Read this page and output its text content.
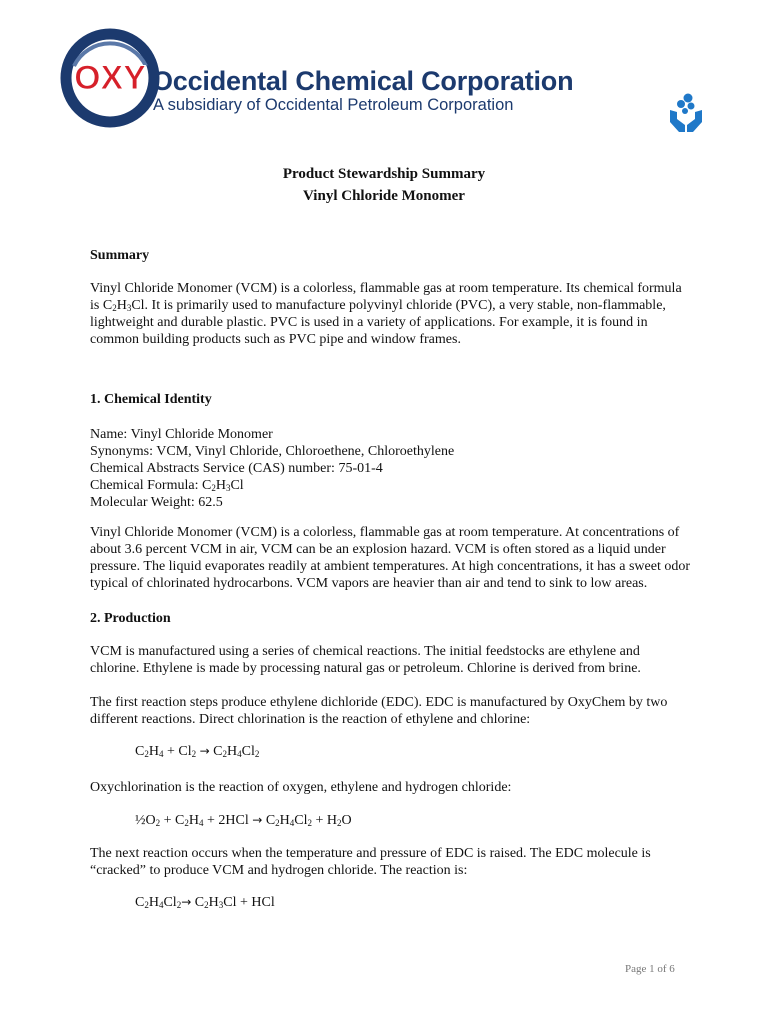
OXY Occidental Chemical Corporation
A subsidiary of Occidental Petroleum Corporation
Product Stewardship Summary
Vinyl Chloride Monomer
Summary
Vinyl Chloride Monomer (VCM) is a colorless, flammable gas at room temperature. Its chemical formula is $C_2H_3Cl$. It is primarily used to manufacture polyvinyl chloride (PVC), a very stable, non-flammable, lightweight and durable plastic. PVC is used in a variety of applications. For example, it is found in common building products such as PVC pipe and window frames.
1. Chemical Identity
Name: Vinyl Chloride Monomer
Synonyms: VCM, Vinyl Chloride, Chloroethene, Chloroethylene
Chemical Abstracts Service (CAS) number: 75-01-4
Chemical Formula: $C_2H_3Cl$
Molecular Weight: 62.5
Vinyl Chloride Monomer (VCM) is a colorless, flammable gas at room temperature. At concentrations of about 3.6 percent VCM in air, VCM can be an explosion hazard. VCM is often stored as a liquid under pressure. The liquid evaporates readily at ambient temperatures. At high concentrations, it has a sweet odor typical of chlorinated hydrocarbons. VCM vapors are heavier than air and tend to sink to low areas.
2. Production
VCM is manufactured using a series of chemical reactions. The initial feedstocks are ethylene and chlorine. Ethylene is made by processing natural gas or petroleum. Chlorine is derived from brine.
The first reaction steps produce ethylene dichloride (EDC). EDC is manufactured by OxyChem by two different reactions. Direct chlorination is the reaction of ethylene and chlorine:
$C_2H_4 + Cl_2 \to C_2H_4Cl_2$
Oxychlorination is the reaction of oxygen, ethylene and hydrogen chloride:
$\frac{1}{2}O_2 + C_2H_4 + 2HCl \to C_2H_4Cl_2 + H_2O$
The next reaction occurs when the temperature and pressure of EDC is raised. The EDC molecule is “cracked” to produce VCM and hydrogen chloride. The reaction is:
$C_2H_4Cl_2\to C_2H_3Cl$ + HCl
Page 1 of 6
